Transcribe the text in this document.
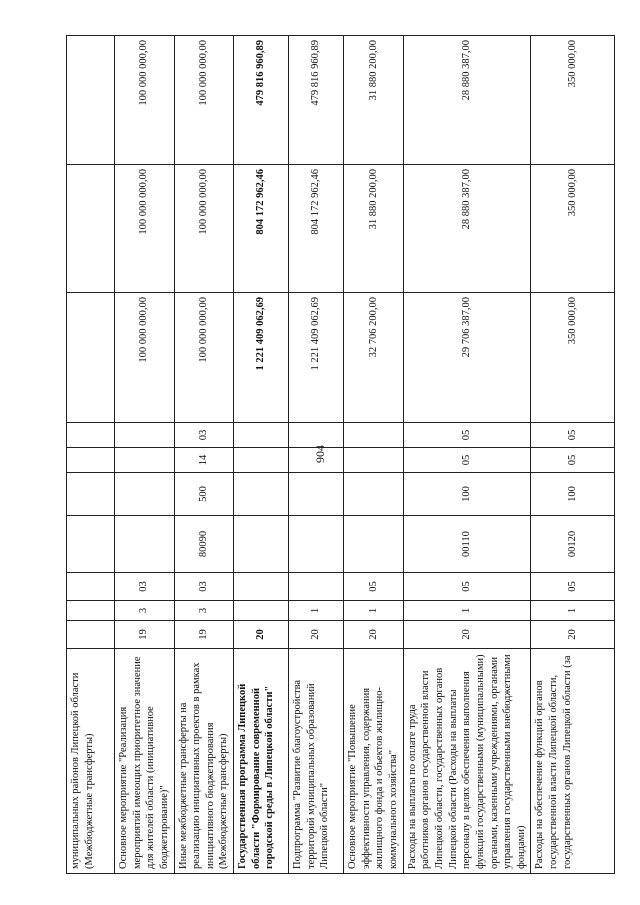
904
муниципальных районов Липецкой области (Межбюджетные трансферты)										
Основное мероприятие "Реализация мероприятий имеющих приоритетное значение для жителей области (инициативное бюджетирование)"	19	3	03					100 000 000,00	100 000 000,00	100 000 000,00
Иные межбюджетные трансферты на реализацию инициативных проектов в рамках инициативного бюджетирования (Межбюджетные трансферты)	19	3	03	80090	500	14	03	100 000 000,00	100 000 000,00	100 000 000,00
Государственная программа Липецкой области "Формирование современной городской среды в Липецкой области"	20							1 221 409 062,69	804 172 962,46	479 816 960,89
Подпрограмма "Развитие благоустройства территорий муниципальных образований Липецкой области"	20	1						1 221 409 062,69	804 172 962,46	479 816 960,89
Основное мероприятие "Повышение эффективности управления, содержания жилищного фонда и объектов жилищно-коммунального хозяйства"	20	1	05					32 706 200,00	31 880 200,00	31 880 200,00
Расходы на выплаты по оплате труда работников органов государственной власти Липецкой области, государственных органов Липецкой области (Расходы на выплаты персоналу в целях обеспечения выполнения функций государственными (муниципальными) органами, казенными учреждениями, органами управления государственными внебюджетными фондами)	20	1	05	00110	100	05	05	29 706 387,00	28 880 387,00	28 880 387,00
Расходы на обеспечение функций органов государственной власти Липецкой области, государственных органов Липецкой области (за	20	1	05	00120	100	05	05	350 000,00	350 000,00	350 000,00
